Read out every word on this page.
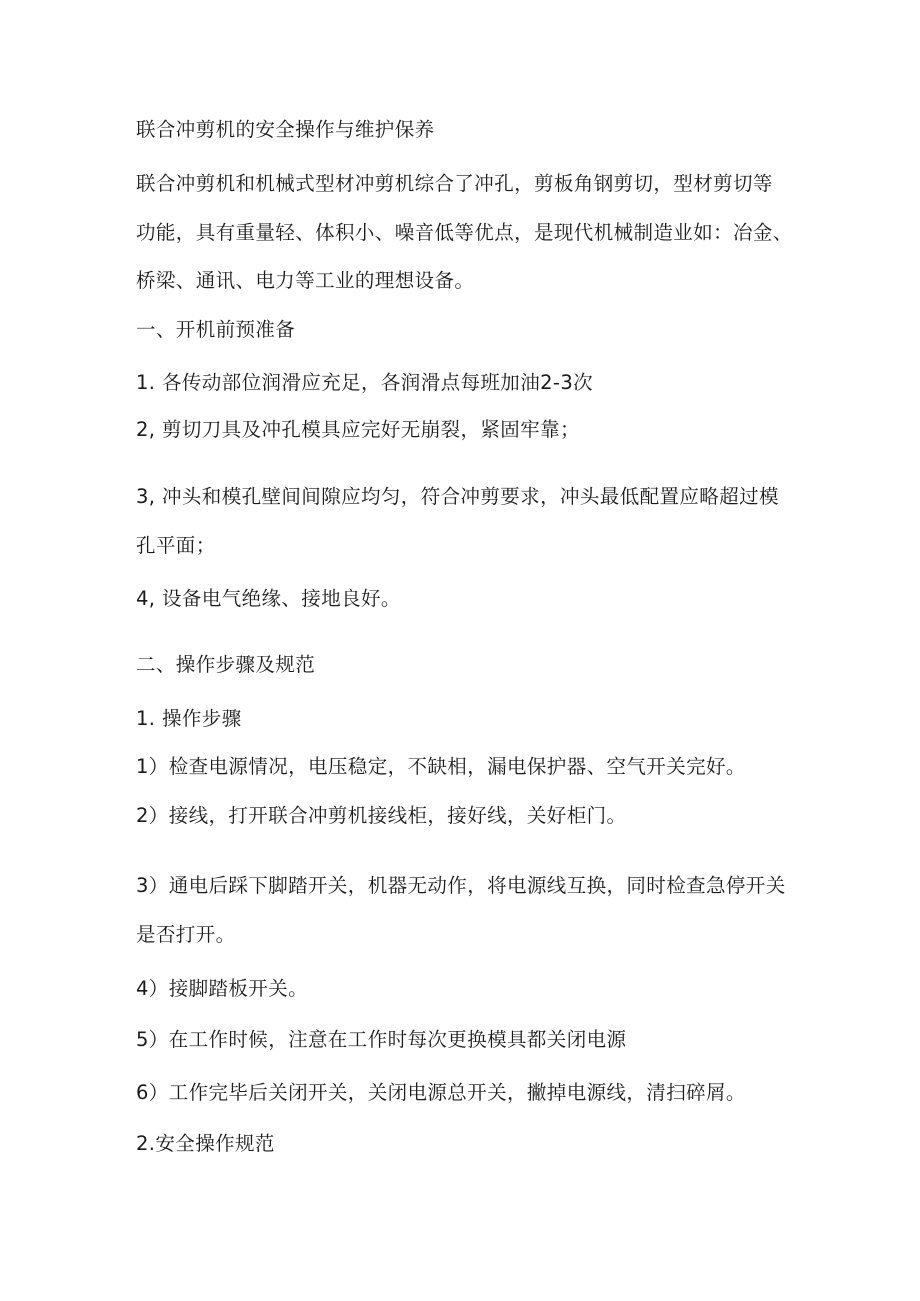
联合冲剪机的安全操作与维护保养

联合冲剪机和机械式型材冲剪机综合了冲孔，剪板角钢剪切，型材剪切等

功能，具有重量轻、体积小、噪音低等优点，是现代机械制造业如：冶金、

桥梁、通讯、电力等工业的理想设备。

一、开机前预准备

1. 各传动部位润滑应充足，各润滑点每班加油2-3次

2, 剪切刀具及冲孔模具应完好无崩裂，紧固牢靠；

3, 冲头和模孔壁间间隙应均匀，符合冲剪要求，冲头最低配置应略超过模

孔平面；

4, 设备电气绝缘、接地良好。

二、操作步骤及规范

1. 操作步骤

1）检查电源情况，电压稳定，不缺相，漏电保护器、空气开关完好。

2）接线，打开联合冲剪机接线柜，接好线，关好柜门。

3）通电后踩下脚踏开关，机器无动作，将电源线互换，同时检查急停开关

是否打开。

4）接脚踏板开关。

5）在工作时候，注意在工作时每次更换模具都关闭电源

6）工作完毕后关闭开关，关闭电源总开关，撇掉电源线，清扫碎屑。

2.安全操作规范
